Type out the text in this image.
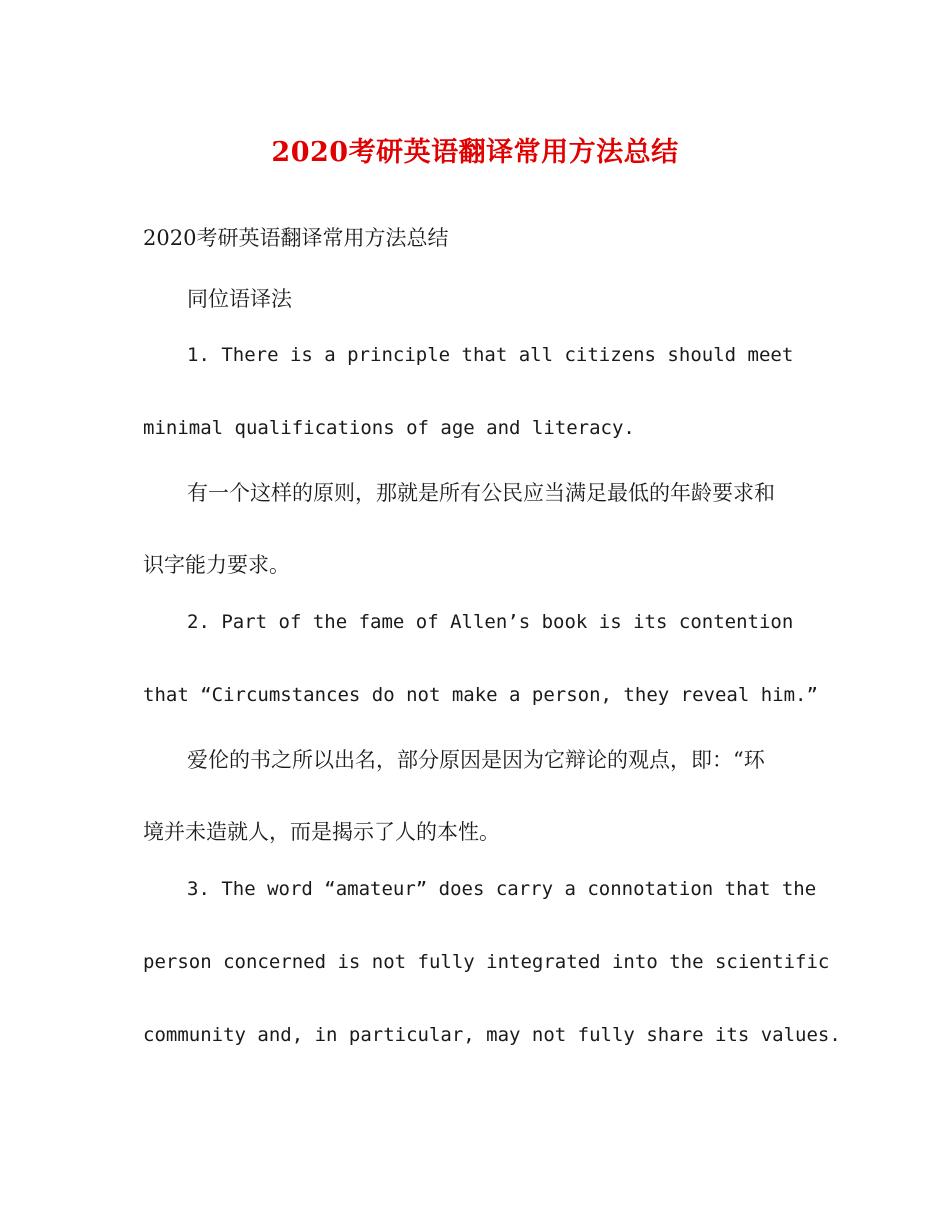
2020考研英语翻译常用方法总结
2020考研英语翻译常用方法总结
同位语译法
1. There is a principle that all citizens should meet
minimal qualifications of age and literacy.
有一个这样的原则，那就是所有公民应当满足最低的年龄要求和
识字能力要求。
2. Part of the fame of Allen’s book is its contention
that “Circumstances do not make a person, they reveal him.”
爱伦的书之所以出名，部分原因是因为它辩论的观点，即：“环
境并未造就人，而是揭示了人的本性。
3. The word “amateur” does carry a connotation that the
person concerned is not fully integrated into the scientific
community and, in particular, may not fully share its values.
